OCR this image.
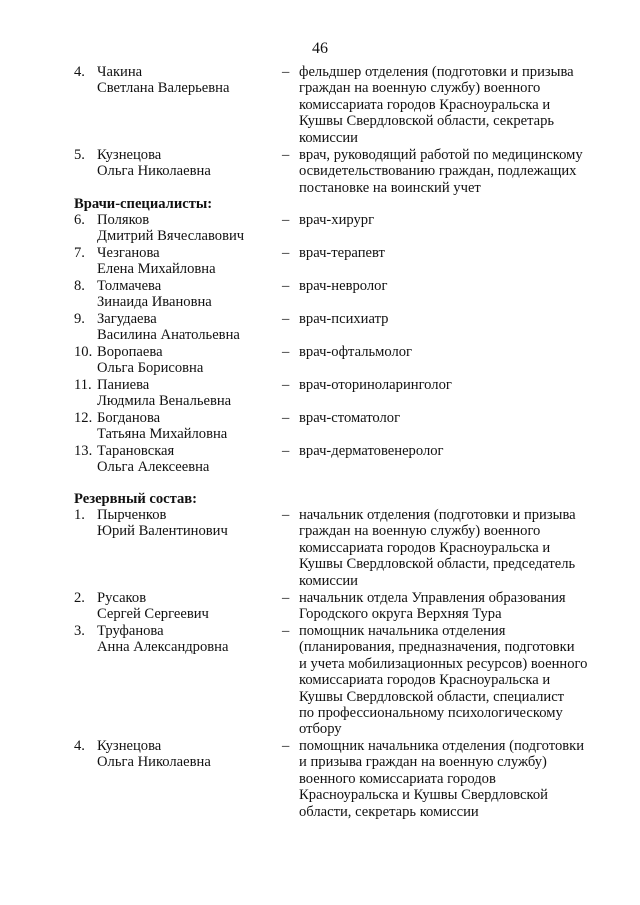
46
4. Чакина
Светлана Валерьевна
– фельдшер отделения (подготовки и призыва
граждан на военную службу) военного
комиссариата городов Красноуральска и
Кушвы Свердловской области, секретарь
комиссии
5. Кузнецова
Ольга Николаевна
– врач, руководящий работой по медицинскому
освидетельствованию граждан, подлежащих
постановке на воинский учет
Врачи-специалисты:
6. Поляков
Дмитрий Вячеславович
– врач-хирург
7. Чезганова
Елена Михайловна
– врач-терапевт
8. Толмачева
Зинаида Ивановна
– врач-невролог
9. Загудаева
Василина Анатольевна
– врач-психиатр
10. Воропаева
Ольга Борисовна
– врач-офтальмолог
11. Паниева
Людмила Венальевна
– врач-оториноларинголог
12. Богданова
Татьяна Михайловна
– врач-стоматолог
13. Тарановская
Ольга Алексеевна
– врач-дерматовенеролог
Резервный состав:
1. Пырченков
Юрий Валентинович
– начальник отделения (подготовки и призыва
граждан на военную службу) военного
комиссариата городов Красноуральска и
Кушвы Свердловской области, председатель
комиссии
2. Русаков
Сергей Сергеевич
– начальник отдела Управления образования
Городского округа Верхняя Тура
3. Труфанова
Анна Александровна
– помощник начальника отделения
(планирования, предназначения, подготовки
и учета мобилизационных ресурсов) военного
комиссариата городов Красноуральска и
Кушвы Свердловской области, специалист
по профессиональному психологическому
отбору
4. Кузнецова
Ольга Николаевна
– помощник начальника отделения (подготовки
и призыва граждан на военную службу)
военного комиссариата городов
Красноуральска и Кушвы Свердловской
области, секретарь комиссии
